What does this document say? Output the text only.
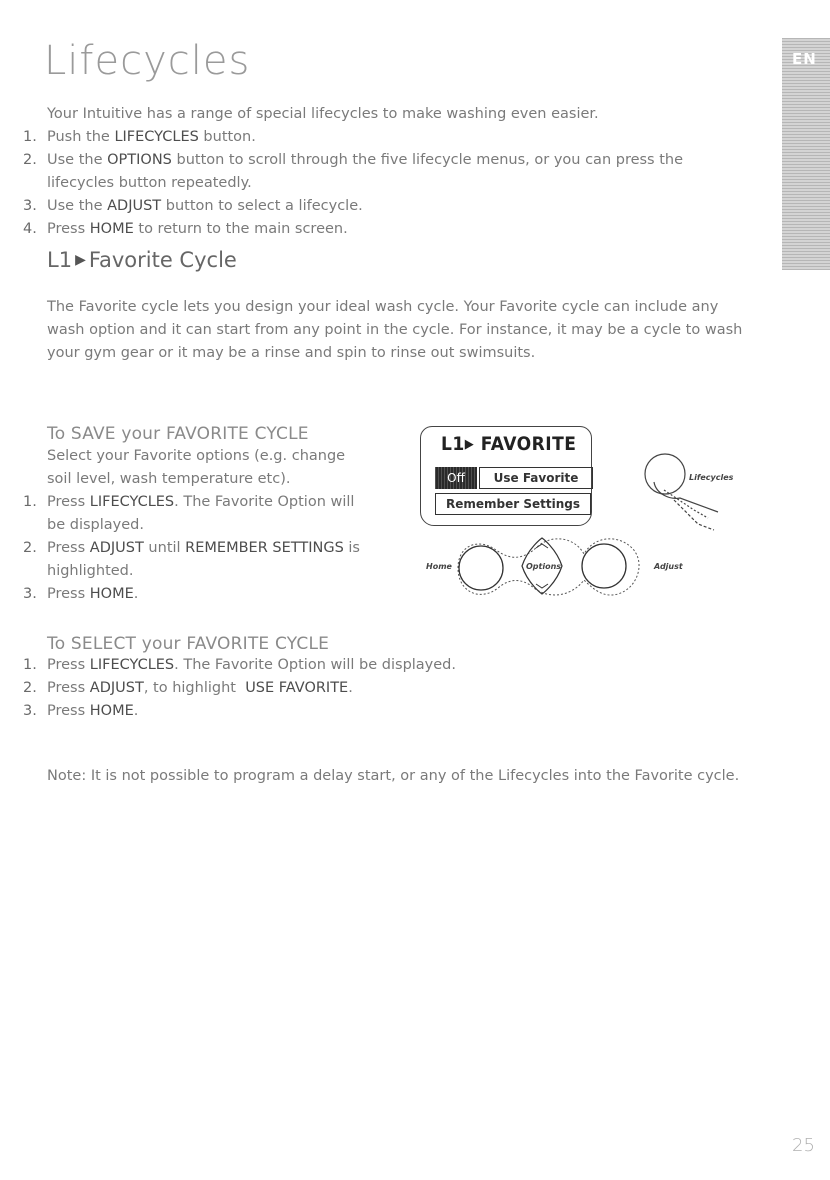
Lifecycles	EN
Your Intuitive has a range of special lifecycles to make washing even easier.
1. Push the LIFECYCLES button.
2. Use the OPTIONS button to scroll through the five lifecycle menus, or you can press the lifecycles button repeatedly.
3. Use the ADJUST button to select a lifecycle.
4. Press HOME to return to the main screen.
L1 ▶ Favorite Cycle
The Favorite cycle lets you design your ideal wash cycle. Your Favorite cycle can include any wash option and it can start from any point in the cycle. For instance, it may be a cycle to wash your gym gear or it may be a rinse and spin to rinse out swimsuits.
To SAVE your FAVORITE CYCLE
Select your Favorite options (e.g. change soil level, wash temperature etc).
1. Press LIFECYCLES. The Favorite Option will be displayed.
2. Press ADJUST until REMEMBER SETTINGS is highlighted.
3. Press HOME.
L1▶ FAVORITE
Off	Use Favorite
Remember Settings
Lifecycles
Home	Options	Adjust
To SELECT your FAVORITE CYCLE
1. Press LIFECYCLES. The Favorite Option will be displayed.
2. Press ADJUST, to highlight  USE FAVORITE.
3. Press HOME.
Note: It is not possible to program a delay start, or any of the Lifecycles into the Favorite cycle.
25
